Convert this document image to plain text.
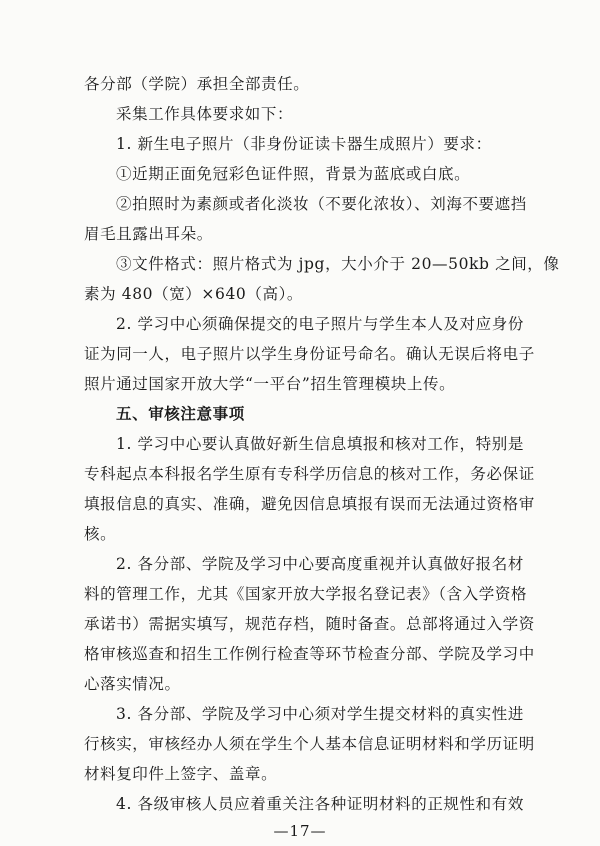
各分部（学院）承担全部责任。
采集工作具体要求如下：
1. 新生电子照片（非身份证读卡器生成照片）要求：
①近期正面免冠彩色证件照，背景为蓝底或白底。
②拍照时为素颜或者化淡妆（不要化浓妆）、刘海不要遮挡
眉毛且露出耳朵。
③文件格式：照片格式为 jpg，大小介于 20—50kb 之间，像
素为 480（宽）×640（高）。
2. 学习中心须确保提交的电子照片与学生本人及对应身份
证为同一人，电子照片以学生身份证号命名。确认无误后将电子
照片通过国家开放大学“一平台”招生管理模块上传。
五、审核注意事项
1. 学习中心要认真做好新生信息填报和核对工作，特别是
专科起点本科报名学生原有专科学历信息的核对工作，务必保证
填报信息的真实、准确，避免因信息填报有误而无法通过资格审
核。
2. 各分部、学院及学习中心要高度重视并认真做好报名材
料的管理工作，尤其《国家开放大学报名登记表》（含入学资格
承诺书）需据实填写，规范存档，随时备查。总部将通过入学资
格审核巡查和招生工作例行检查等环节检查分部、学院及学习中
心落实情况。
—17—
3. 各分部、学院及学习中心须对学生提交材料的真实性进
行核实，审核经办人须在学生个人基本信息证明材料和学历证明
材料复印件上签字、盖章。
4. 各级审核人员应着重关注各种证明材料的正规性和有效
